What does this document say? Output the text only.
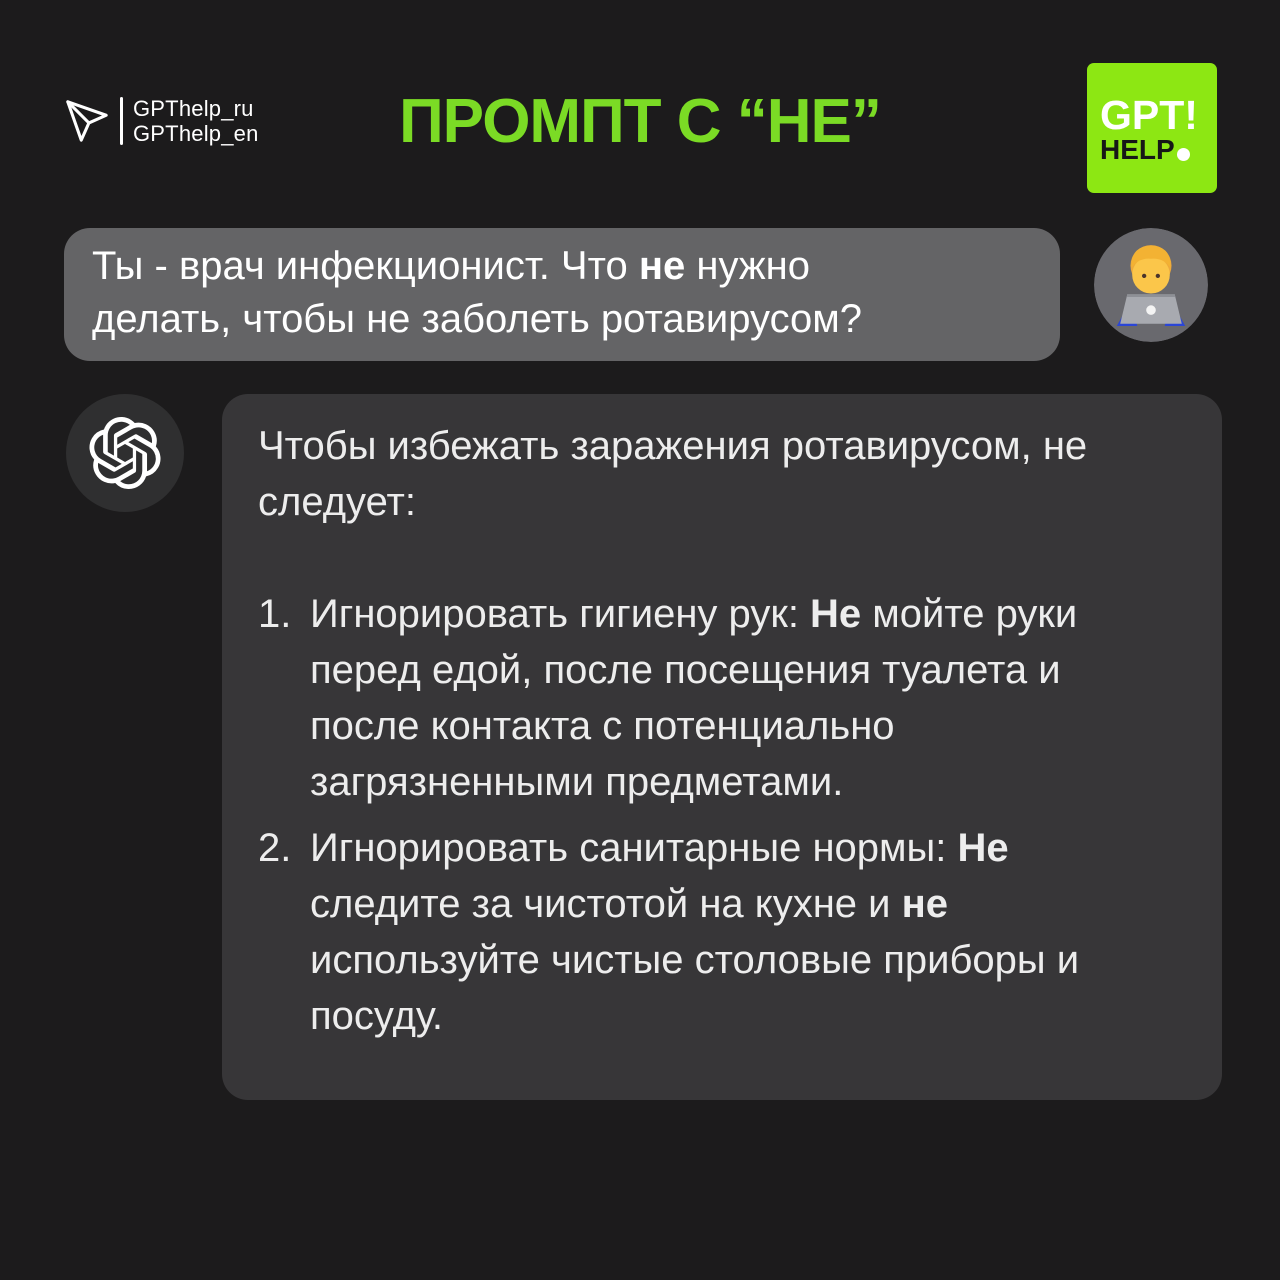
GPThelp_ru
GPThelp_en	ПРОМПТ С “НЕ”	GPT!
HELP
Ты - врач инфекционист. Что не нужно
делать, чтобы не заболеть ротавирусом?

Чтобы избежать заражения ротавирусом, не
следует:

1. Игнорировать гигиену рук: Не мойте руки
перед едой, после посещения туалета и
после контакта с потенциально
загрязненными предметами.
2. Игнорировать санитарные нормы: Не
следите за чистотой на кухне и не
используйте чистые столовые приборы и
посуду.
